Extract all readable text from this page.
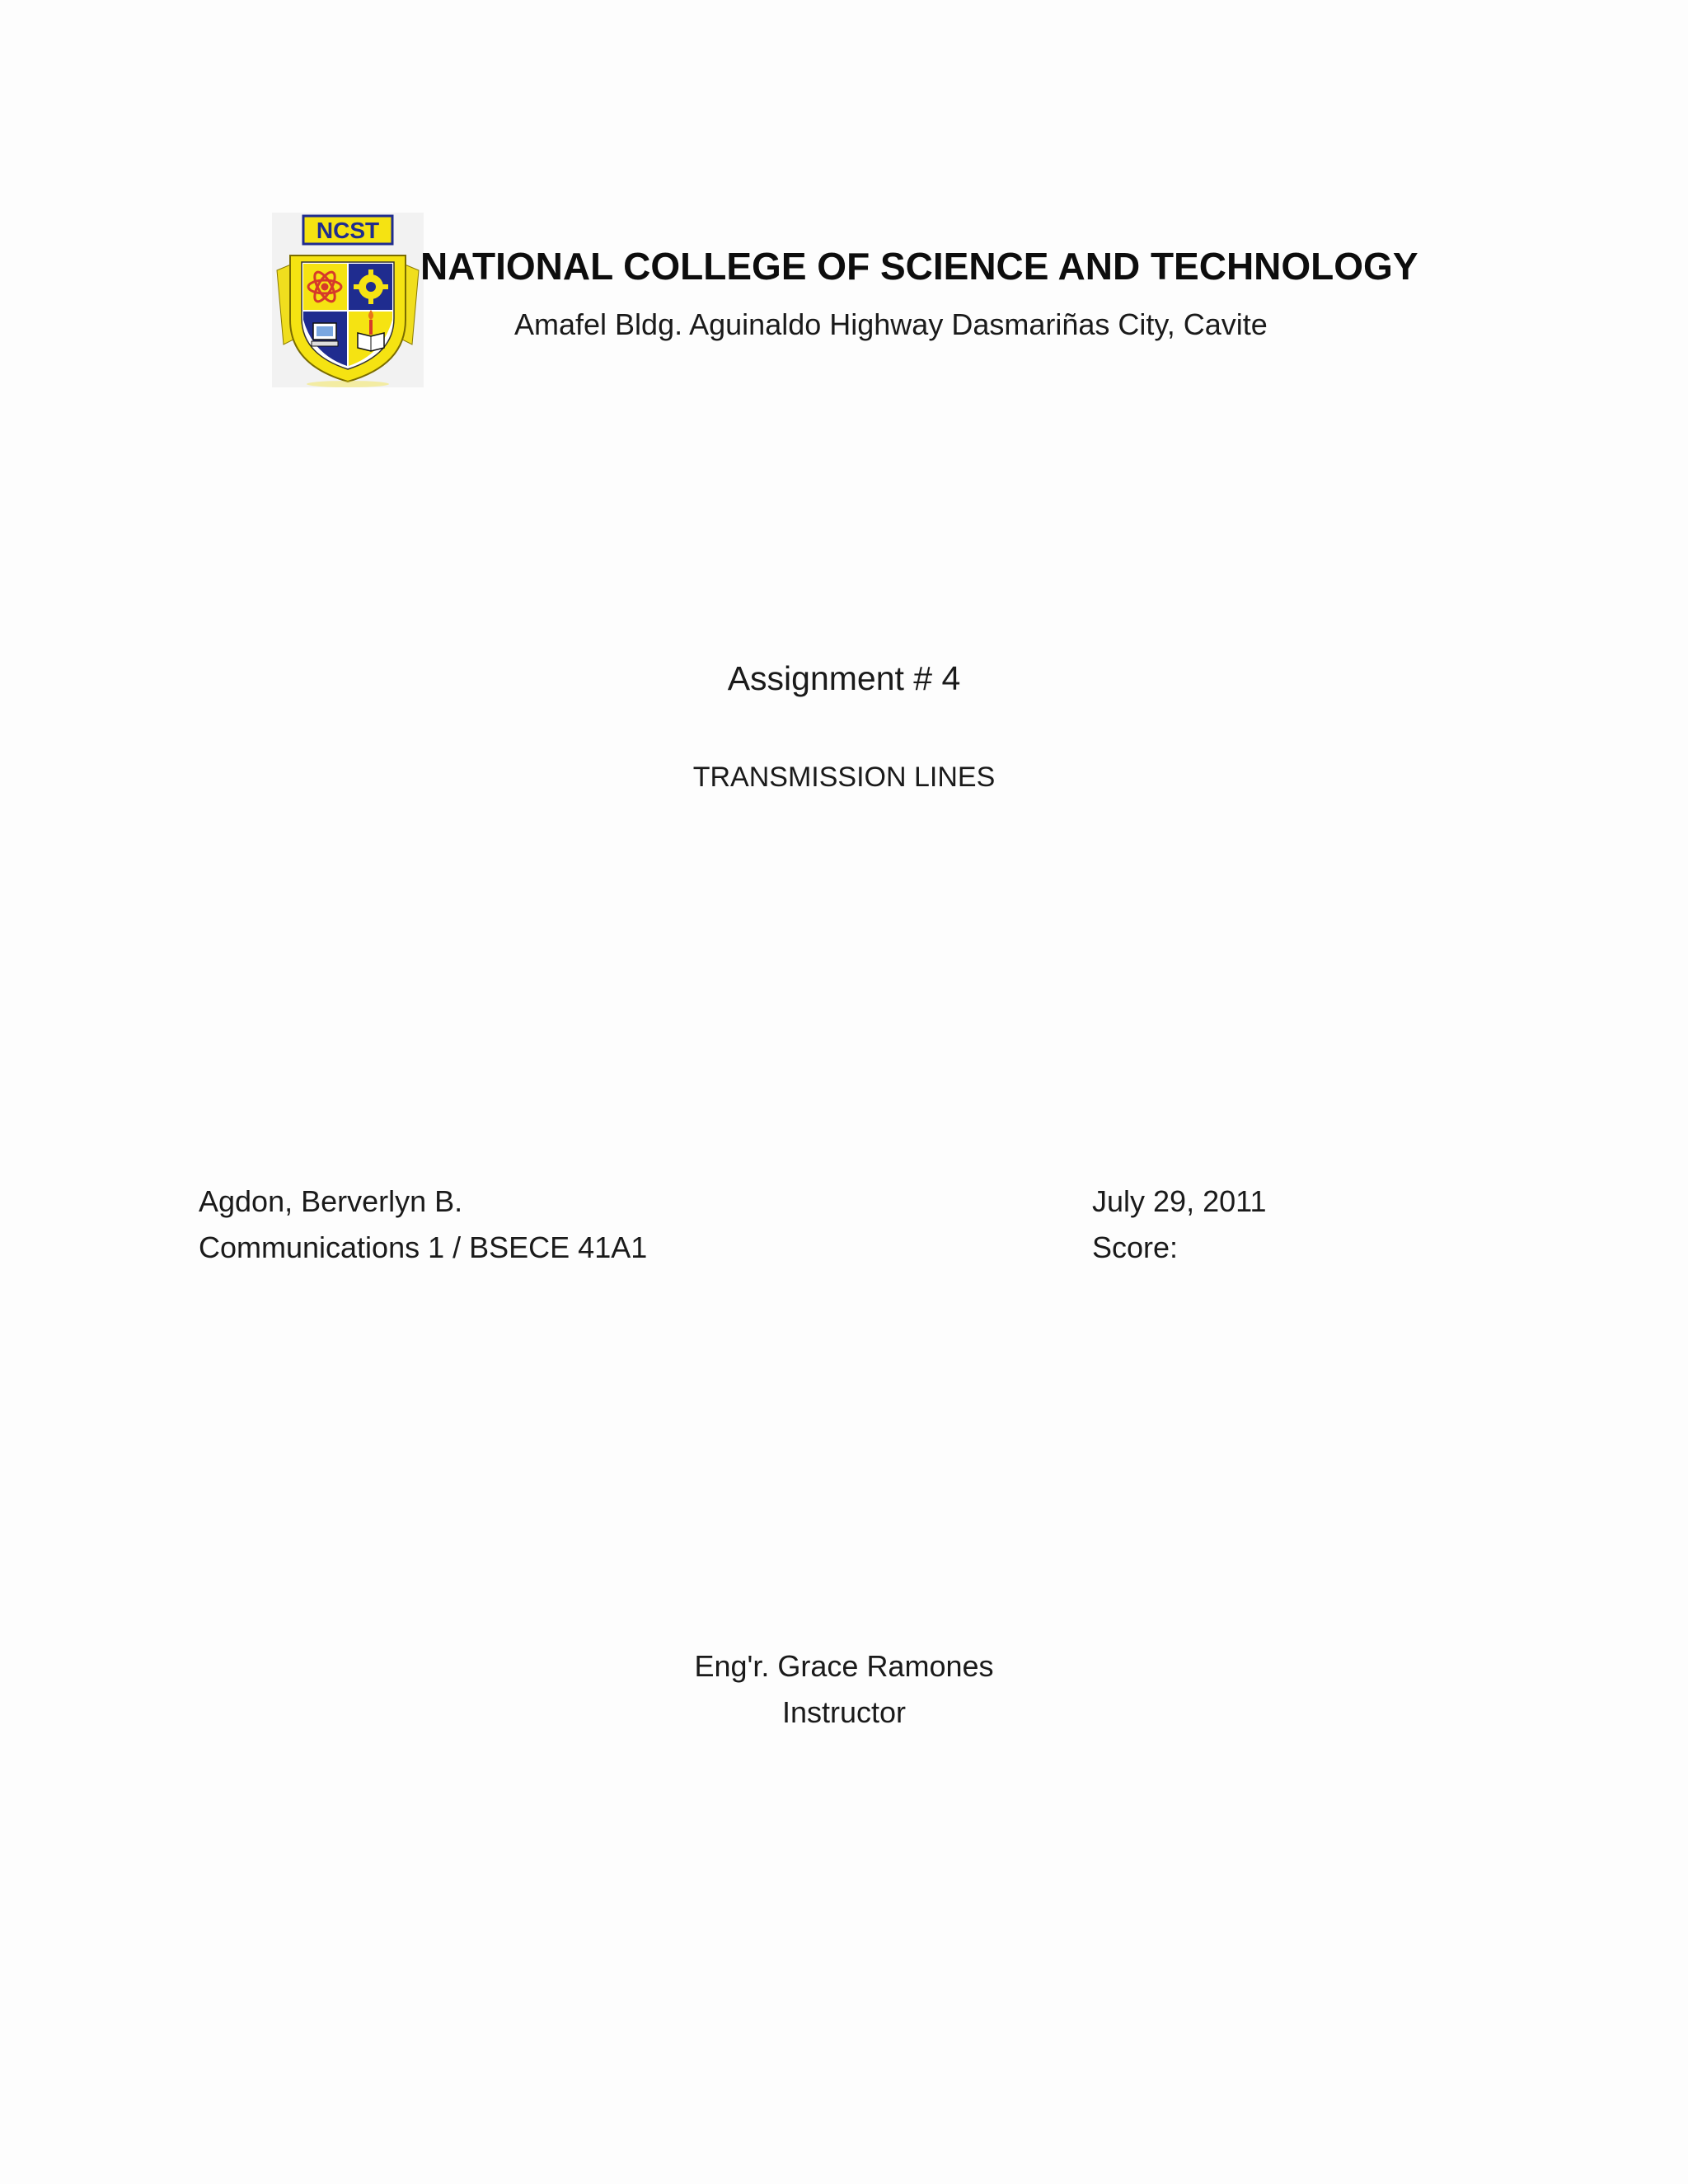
NCST
NATIONAL COLLEGE OF SCIENCE AND TECHNOLOGY
Amafel Bldg. Aguinaldo Highway Dasmariñas City, Cavite
Assignment # 4
TRANSMISSION LINES
Agdon, Berverlyn B.
Communications 1 / BSECE 41A1
July 29, 2011
Score:
Eng'r. Grace Ramones
Instructor
